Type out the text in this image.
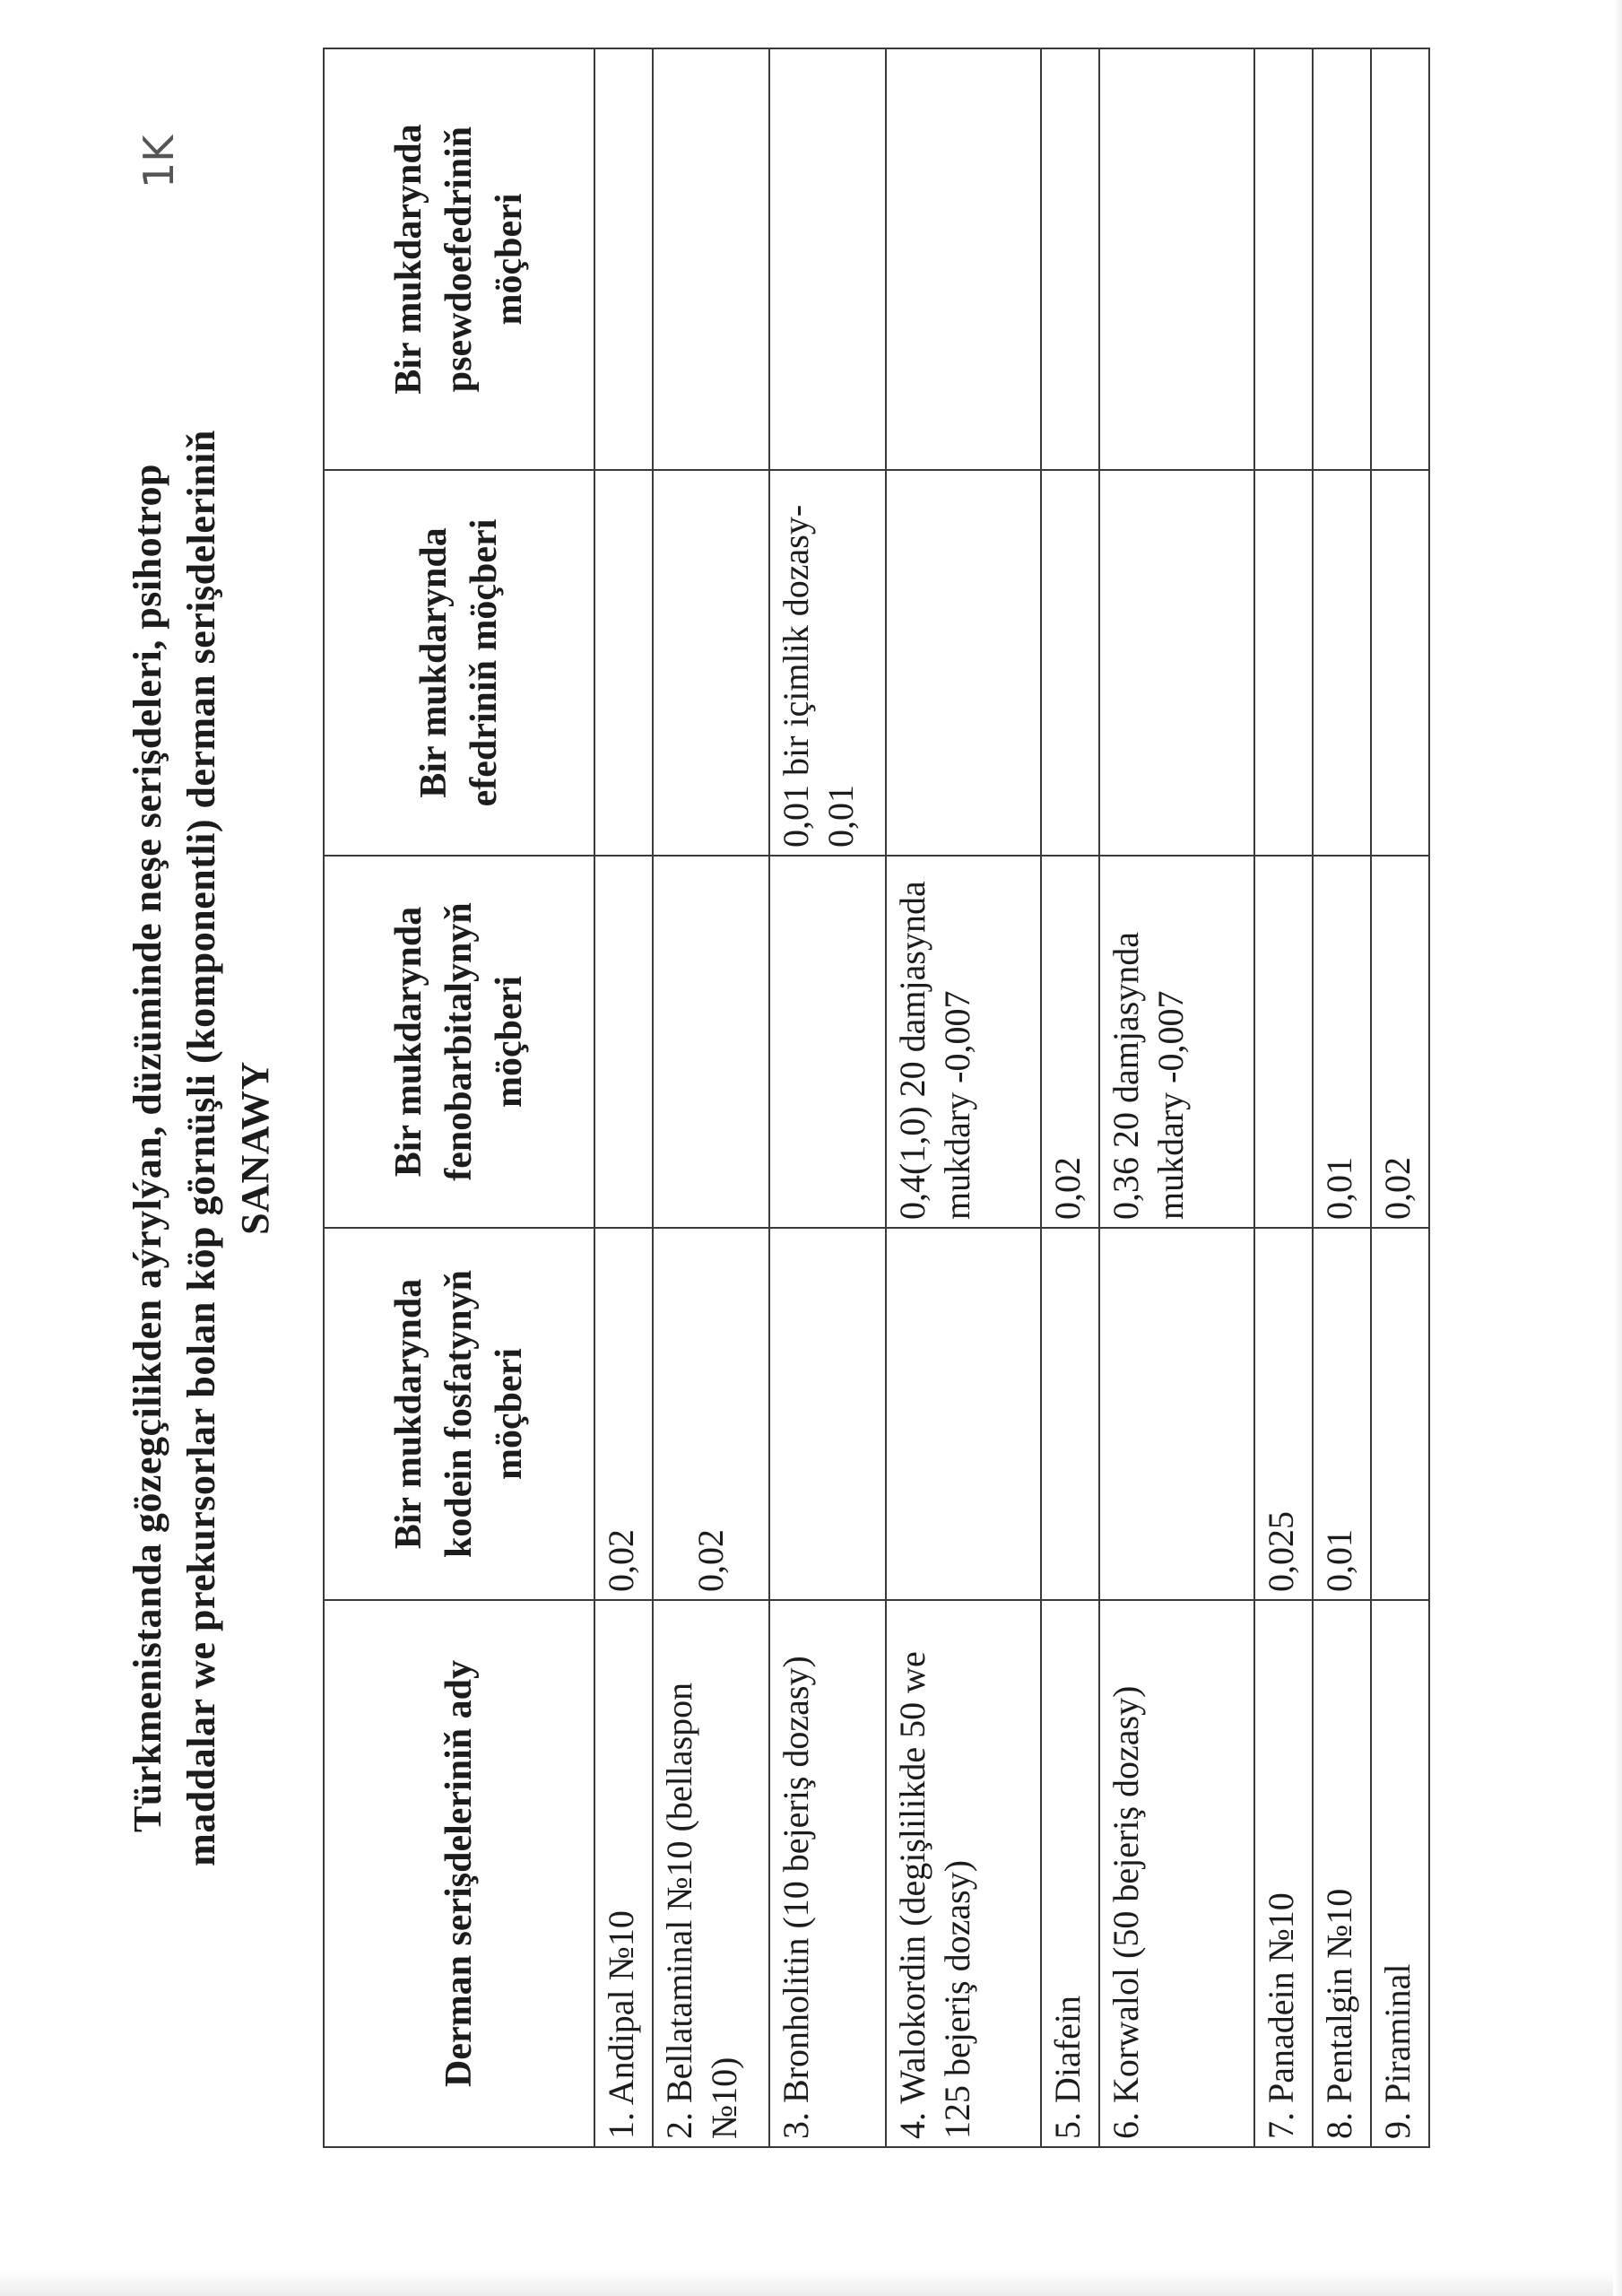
1K
Türkmenistanda gözegçilikden aýrylýan, düzüminde neşe serişdeleri, psihotrop maddalar we prekursorlar bolan köp görnüşli (komponentli) derman serişdeleriniň SANAWY
Derman serişdeleriniň ady	Bir mukdarynda kodein fosfatynyň möçberi	Bir mukdarynda fenobarbitalynyň möçberi	Bir mukdarynda efedriniň möçberi	Bir mukdarynda psewdoefedriniň möçberi
1. Andipal №10	0,02			
2. Bellataminal №10 (bellaspon №10)	0,02			
3. Bronholitin (10 bejeriş dozasy)			0,01 bir içimlik dozasy-0,01	
4. Walokordin (degişlilikde 50 we 125 bejeriş dozasy)		0,4(1,0) 20 damjasynda mukdary -0,007		
5. Diafein		0,02		
6. Korwalol (50 bejeriş dozasy)		0,36 20 damjasynda mukdary -0,007		
7. Panadein №10	0,025			
8. Pentalgin №10	0,01	0,01		
9. Piraminal		0,02		
